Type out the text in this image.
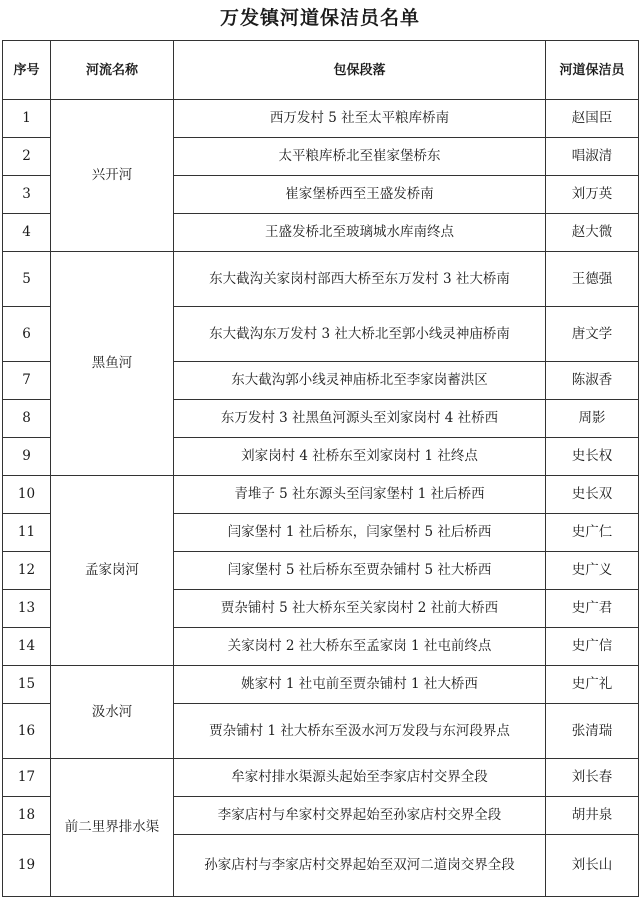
万发镇河道保洁员名单
序号	河流名称	包保段落	河道保洁员
1	兴开河	西万发村 5 社至太平粮库桥南	赵国臣
2		太平粮库桥北至崔家堡桥东	唱淑清
3		崔家堡桥西至王盛发桥南	刘万英
4		王盛发桥北至玻璃城水库南终点	赵大微
5	黑鱼河	东大截沟关家岗村部西大桥至东万发村 3 社大桥南	王德强
6		东大截沟东万发村 3 社大桥北至郭小线灵神庙桥南	唐文学
7		东大截沟郭小线灵神庙桥北至李家岗蓄洪区	陈淑香
8		东万发村 3 社黑鱼河源头至刘家岗村 4 社桥西	周影
9		刘家岗村 4 社桥东至刘家岗村 1 社终点	史长权
10	孟家岗河	青堆子 5 社东源头至闫家堡村 1 社后桥西	史长双
11		闫家堡村 1 社后桥东，闫家堡村 5 社后桥西	史广仁
12		闫家堡村 5 社后桥东至贾杂铺村 5 社大桥西	史广义
13		贾杂铺村 5 社大桥东至关家岗村 2 社前大桥西	史广君
14		关家岗村 2 社大桥东至孟家岗 1 社屯前终点	史广信
15	汲水河	姚家村 1 社屯前至贾杂铺村 1 社大桥西	史广礼
16		贾杂铺村 1 社大桥东至汲水河万发段与东河段界点	张清瑞
17	前二里界排水渠	牟家村排水渠源头起始至李家店村交界全段	刘长春
18		李家店村与牟家村交界起始至孙家店村交界全段	胡井泉
19		孙家店村与李家店村交界起始至双河二道岗交界全段	刘长山
